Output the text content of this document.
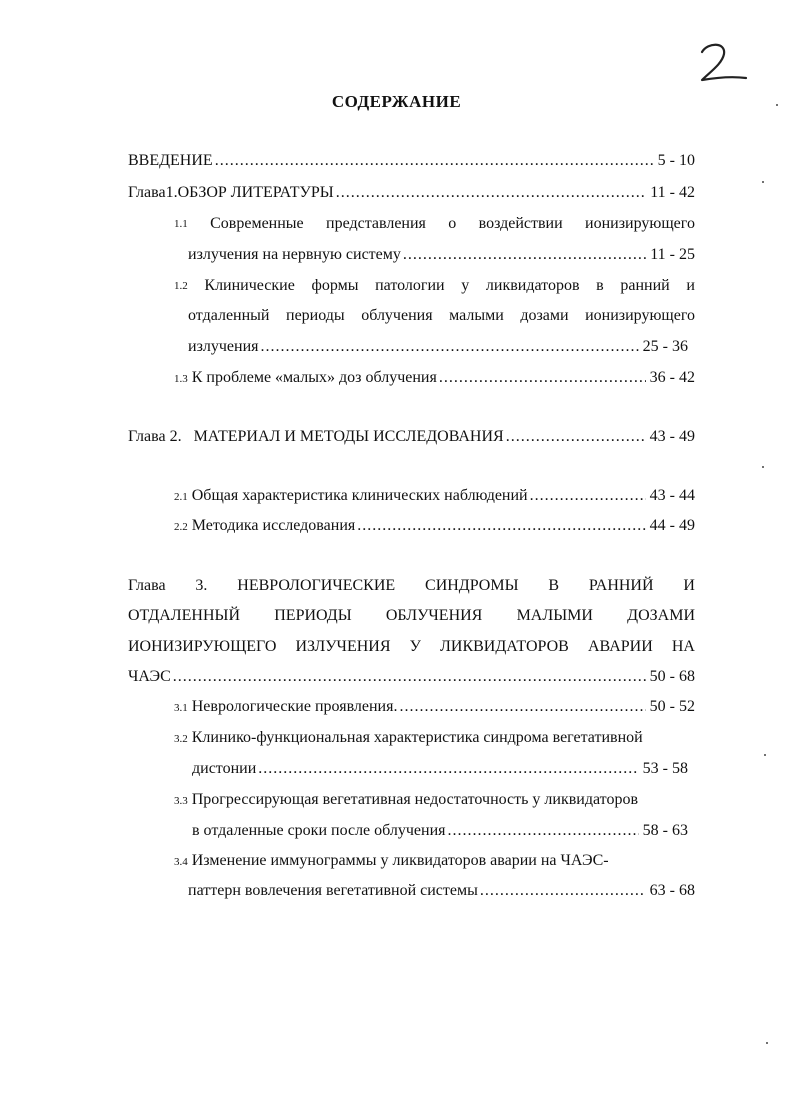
СОДЕРЖАНИЕ
ВВЕДЕНИЕ .....	5 - 10
Глава1.ОБЗОР ЛИТЕРАТУРЫ .....	11 - 42
1.1 Современные представления о воздействии ионизирующего
излучения на нервную систему .....	11 - 25
1.2 Клинические формы патологии у ликвидаторов в ранний и
отдаленный периоды облучения малыми дозами ионизирующего
излучения .....	25 - 36
1.3 К проблеме «малых» доз облучения .....	36 - 42
Глава 2.   МАТЕРИАЛ И МЕТОДЫ ИССЛЕДОВАНИЯ .....	43 - 49
2.1 Общая характеристика клинических наблюдений .....	43 - 44
2.2 Методика исследования .....	44 - 49
Глава 3. НЕВРОЛОГИЧЕСКИЕ СИНДРОМЫ В РАННИЙ И
ОТДАЛЕННЫЙ ПЕРИОДЫ ОБЛУЧЕНИЯ МАЛЫМИ ДОЗАМИ
ИОНИЗИРУЮЩЕГО ИЗЛУЧЕНИЯ У ЛИКВИДАТОРОВ АВАРИИ НА
ЧАЭС .....	50 - 68
3.1 Неврологические проявления. .....	50 - 52
3.2 Клинико-функциональная характеристика синдрома вегетативной
дистонии .....	53 - 58
3.3 Прогрессирующая вегетативная недостаточность у ликвидаторов
в отдаленные сроки после облучения .....	58 - 63
3.4 Изменение иммунограммы у ликвидаторов аварии на ЧАЭС-
паттерн вовлечения вегетативной системы .....	63 - 68
